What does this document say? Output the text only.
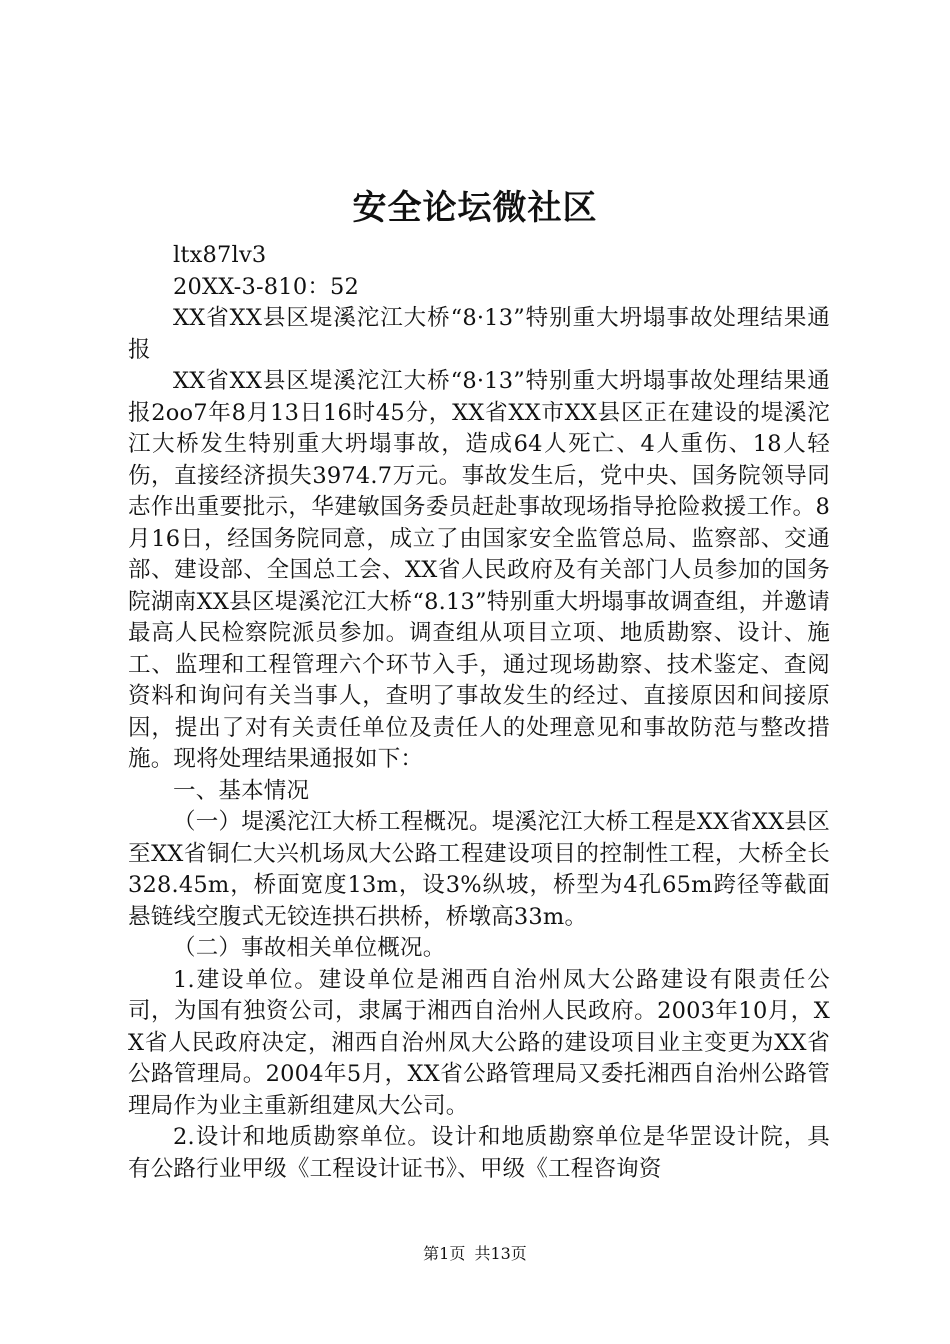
安全论坛微社区

ltx87lv3

20XX-3-810：52

XX省XX县区堤溪沱江大桥“8·13”特别重大坍塌事故处理结果通报

XX省XX县区堤溪沱江大桥“8·13”特别重大坍塌事故处理结果通报2oo7年8月13日16时45分，XX省XX市XX县区正在建设的堤溪沱江大桥发生特别重大坍塌事故，造成64人死亡、4人重伤、18人轻伤，直接经济损失3974.7万元。事故发生后，党中央、国务院领导同志作出重要批示，华建敏国务委员赶赴事故现场指导抢险救援工作。8月16日，经国务院同意，成立了由国家安全监管总局、监察部、交通部、建设部、全国总工会、XX省人民政府及有关部门人员参加的国务院湖南XX县区堤溪沱江大桥“8.13”特别重大坍塌事故调查组，并邀请最高人民检察院派员参加。调查组从项目立项、地质勘察、设计、施工、监理和工程管理六个环节入手，通过现场勘察、技术鉴定、查阅资料和询问有关当事人，查明了事故发生的经过、直接原因和间接原因，提出了对有关责任单位及责任人的处理意见和事故防范与整改措施。现将处理结果通报如下：

一、基本情况

（一）堤溪沱江大桥工程概况。堤溪沱江大桥工程是XX省XX县区至XX省铜仁大兴机场凤大公路工程建设项目的控制性工程，大桥全长328.45m，桥面宽度13m，设3%纵坡，桥型为4孔65m跨径等截面悬链线空腹式无铰连拱石拱桥，桥墩高33m。

（二）事故相关单位概况。

1.建设单位。建设单位是湘西自治州凤大公路建设有限责任公司，为国有独资公司，隶属于湘西自治州人民政府。2003年10月，XX省人民政府决定，湘西自治州凤大公路的建设项目业主变更为XX省公路管理局。2004年5月，XX省公路管理局又委托湘西自治州公路管理局作为业主重新组建凤大公司。

2.设计和地质勘察单位。设计和地质勘察单位是华罡设计院，具有公路行业甲级《工程设计证书》、甲级《工程咨询资

第1页 共13页
